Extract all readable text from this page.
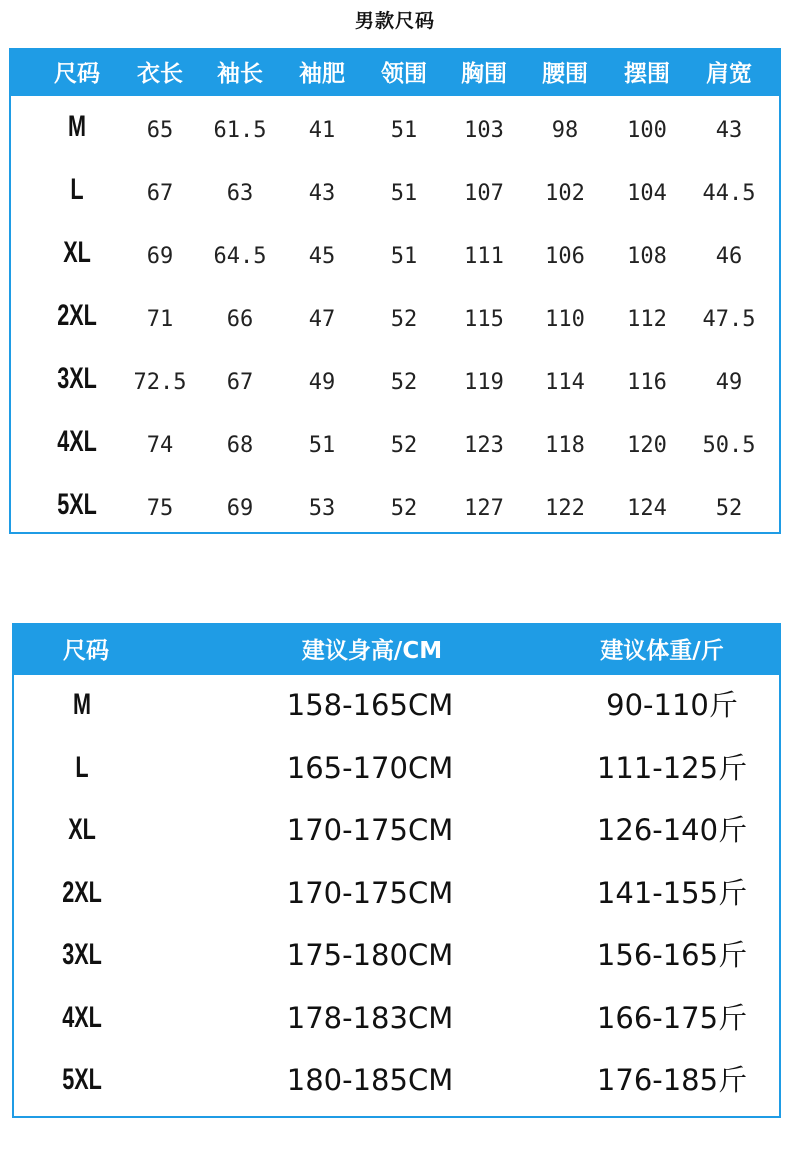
男款尺码
尺码 衣长 袖长 袖肥 领围 胸围 腰围 摆围 肩宽
M	65 61.5 41	51 103 98 100 43
L	67 63	43	51 107 102 104 44.5
XL	69 64.5 45	51 111 106 108 46
2XL 71 66	47	52 115 110 112 47.5
3XL 72.5 67	49	52 119 114 116 49
4XL 74 68	51	52 123 118 120 50.5
5XL 75 69	53	52 127 122 124 52
尺码	建议身高/CM	建议体重/斤
M	158-165CM	90-110斤
L	165-170CM	111-125斤
XL	170-175CM	126-140斤
2XL	170-175CM	141-155斤
3XL	175-180CM	156-165斤
4XL	178-183CM	166-175斤
5XL	180-185CM	176-185斤
